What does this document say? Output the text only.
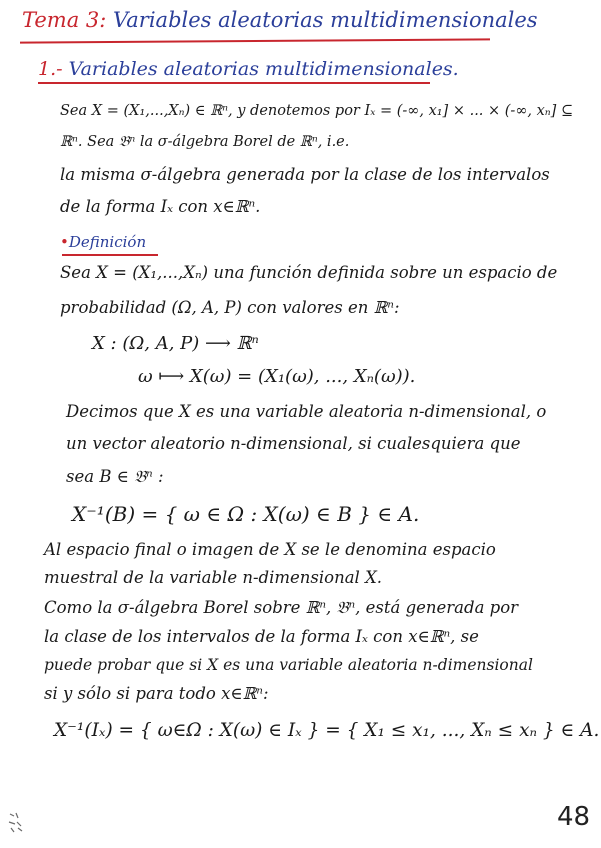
Tema 3: Variables aleatorias multidimensionales
1.- Variables aleatorias multidimensionales.
Sea X = (X₁,...,Xₙ) ∈ ℝⁿ, y denotemos por Iₓ = (-∞, x₁] × ... × (-∞, xₙ] ⊆ ℝⁿ. Sea 𝔅ⁿ la σ-álgebra Borel de ℝⁿ, i.e.
la misma σ-álgebra generada por la clase de los intervalos
de la forma Iₓ con x∈ℝⁿ.
•Definición
Sea X = (X₁,...,Xₙ) una función definida sobre un espacio de
probabilidad (Ω, A, P) con valores en ℝⁿ:
X : (Ω, A, P) ⟶ ℝⁿ
ω ⟼ X(ω) = (X₁(ω), ..., Xₙ(ω)).
Decimos que X es una variable aleatoria n-dimensional, o
un vector aleatorio n-dimensional, si cualesquiera que
sea B ∈ 𝔅ⁿ :
X⁻¹(B) = { ω ∈ Ω : X(ω) ∈ B } ∈ A.
Al espacio final o imagen de X se le denomina espacio
muestral de la variable n-dimensional X.
Como la σ-álgebra Borel sobre ℝⁿ, 𝔅ⁿ, está generada por
la clase de los intervalos de la forma Iₓ con x∈ℝⁿ, se
puede probar que si X es una variable aleatoria n-dimensional
si y sólo si para todo x∈ℝⁿ:
X⁻¹(Iₓ) = { ω∈Ω : X(ω) ∈ Iₓ } = { X₁ ≤ x₁, ..., Xₙ ≤ xₙ } ∈ A.
48
